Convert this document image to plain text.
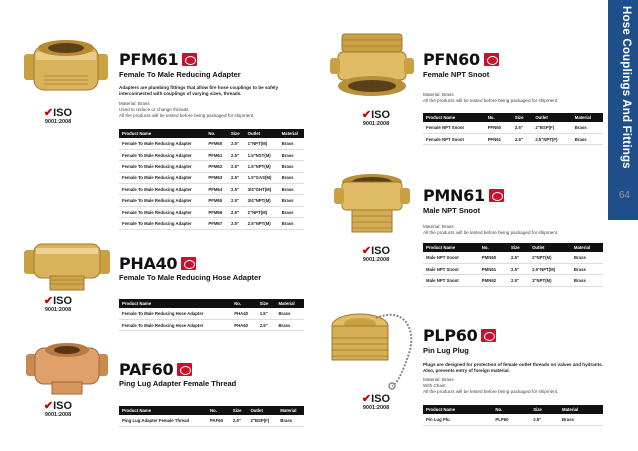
Hose Couplings And Fittings
64
✔ISO
9001:2008
PFM61
Female To Male Reducing Adapter
Adapters are plumbing fittings that allow fire hose couplings to be safely interconnected with couplings of varying sizes, threads.
Material: Brass
Used to reduce or change threads
All the products will be tested before being packaged for shipment.
Product Name	No.	Size	Outlet	Material
Female To Male Reducing Adapter	PFM60	2.5"	1"NPT(M)	Brass
Female To Male Reducing Adapter	PFM61	2.5"	1.5"NST(M)	Brass
Female To Male Reducing Adapter	PFM62	2.5"	1.5"NPT(M)	Brass
Female To Male Reducing Adapter	PFM63	2.5"	1.5"GAS(M)	Brass
Female To Male Reducing Adapter	PFM64	2.5"	3/4"GHT(M)	Brass
Female To Male Reducing Adapter	PFM65	2.5"	3/4"NPT(M)	Brass
Female To Male Reducing Adapter	PFM66	2.5"	2"NPT(M)	Brass
Female To Male Reducing Adapter	PFM67	2.5"	2.5"NPT(M)	Brass
✔ISO
9001:2008
PHA40
Female To Male Reducing Hose Adapter
Product Name	No.	Size	Material
Female To Male Reducing Hose Adapter	PHA40	1.5"	Brass
Female To Male Reducing Hose Adapter	PHA60	2.5"	Brass
✔ISO
9001:2008
PAF60
Ping Lug Adapter Female Thread
Product Name	No.	Size	Outlet	Material
Ping Lug Adapter Female Thread	PAF60	2.5"	2"BSP(F)	Brass
✔ISO
9001:2008
PFN60
Female NPT Snoot
Material: Brass
All the products will be tested before being packaged for shipment.
Product Name	No.	Size	Outlet	Material
Female NPT Snoot	PFN60	2.5"	2"BSP(F)	Brass
Female NPT Snoot	PFN61	2.5"	2.5"NPT(F)	Brass
✔ISO
9001:2008
PMN61
Male NPT Snoot
Material: Brass
All the products will be tested before being packaged for shipment.
Product Name	No.	Size	Outlet	Material
Male NPT Snoot	PMN60	2.5"	2"NPT(M)	Brass
Male NPT Snoot	PMN61	2.5"	2.5"NPT(M)	Brass
Male NPT Snoot	PMN62	2.5"	3"NPT(M)	Brass
✔ISO
9001:2008
PLP60
Pin Lug Plug
Plugs are designed for protection of female outlet threads on valves and hydrants. Also, prevents entry of foreign material.
Material: Brass
With Chain
All the products will be tested before being packaged for shipment.
Product Name	No.	Size	Material
Pin Lug Plu	PLP60	2.5"	Brass
